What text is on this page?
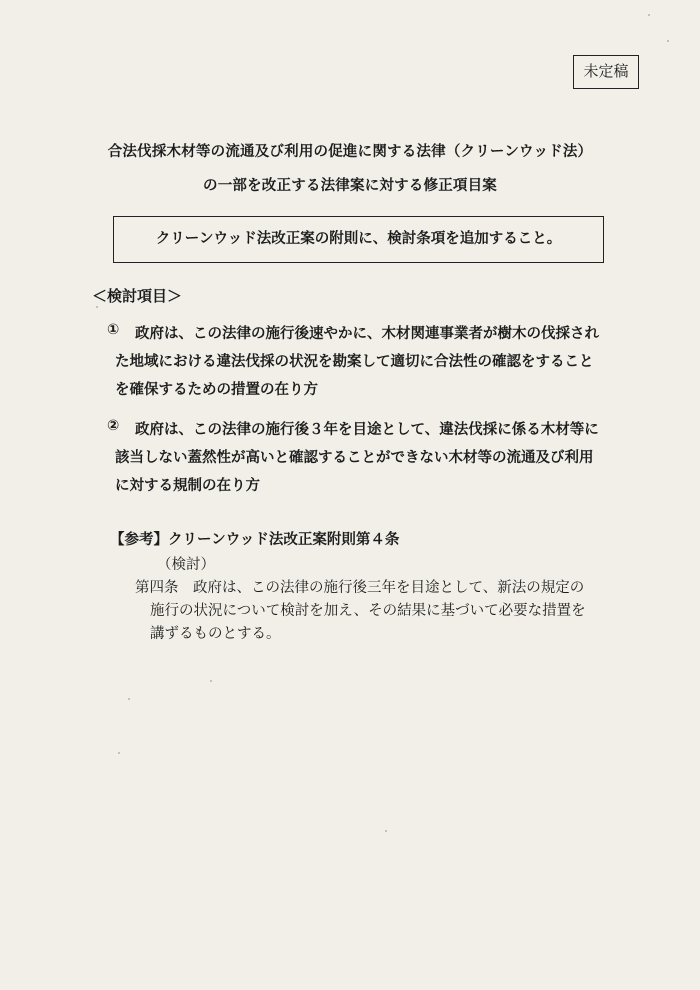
未定稿
合法伐採木材等の流通及び利用の促進に関する法律（クリーンウッド法）
の一部を改正する法律案に対する修正項目案
クリーンウッド法改正案の附則に、検討条項を追加すること。
＜検討項目＞
① 政府は、この法律の施行後速やかに、木材関連事業者が樹木の伐採され
た地域における違法伐採の状況を勘案して適切に合法性の確認をすること
を確保するための措置の在り方
② 政府は、この法律の施行後３年を目途として、違法伐採に係る木材等に
該当しない蓋然性が高いと確認することができない木材等の流通及び利用
に対する規制の在り方
【参考】クリーンウッド法改正案附則第４条
（検討）
第四条　政府は、この法律の施行後三年を目途として、新法の規定の
施行の状況について検討を加え、その結果に基づいて必要な措置を
講ずるものとする。
